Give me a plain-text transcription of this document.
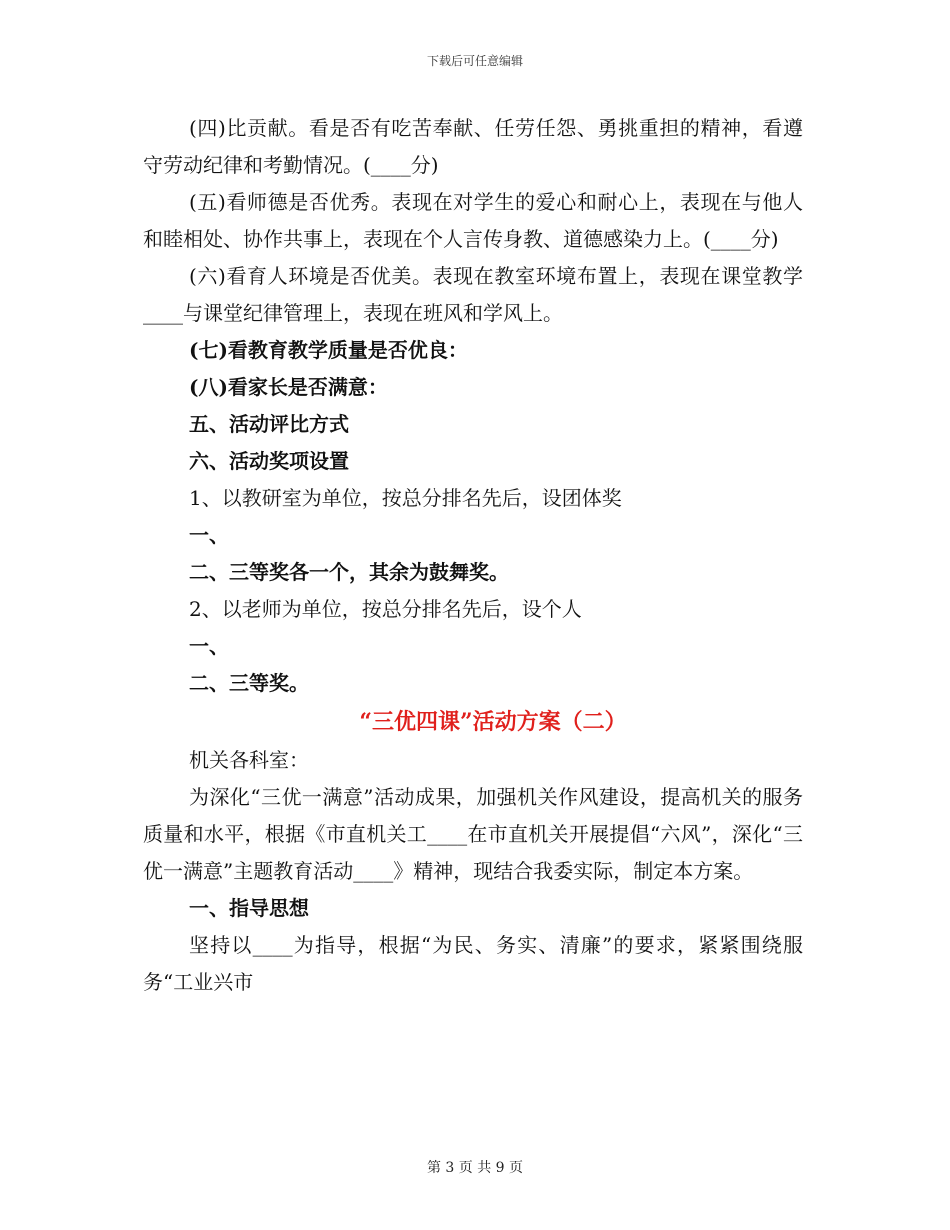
下载后可任意编辑

(四)比贡献。看是否有吃苦奉献、任劳任怨、勇挑重担的精神，看遵守劳动纪律和考勤情况。(____分)

(五)看师德是否优秀。表现在对学生的爱心和耐心上，表现在与他人和睦相处、协作共事上，表现在个人言传身教、道德感染力上。(____分)

(六)看育人环境是否优美。表现在教室环境布置上，表现在课堂教学____与课堂纪律管理上，表现在班风和学风上。

(七)看教育教学质量是否优良：

(八)看家长是否满意：

五、活动评比方式

六、活动奖项设置

1、以教研室为单位，按总分排名先后，设团体奖

一、

二、三等奖各一个，其余为鼓舞奖。

2、以老师为单位，按总分排名先后，设个人

一、

二、三等奖。

“三优四课”活动方案（二）

机关各科室：

为深化“三优一满意”活动成果，加强机关作风建设，提高机关的服务质量和水平，根据《市直机关工____在市直机关开展提倡“六风”，深化“三优一满意”主题教育活动____》精神，现结合我委实际，制定本方案。

一、指导思想

坚持以____为指导，根据“为民、务实、清廉”的要求，紧紧围绕服务“工业兴市

第 3 页 共 9 页
